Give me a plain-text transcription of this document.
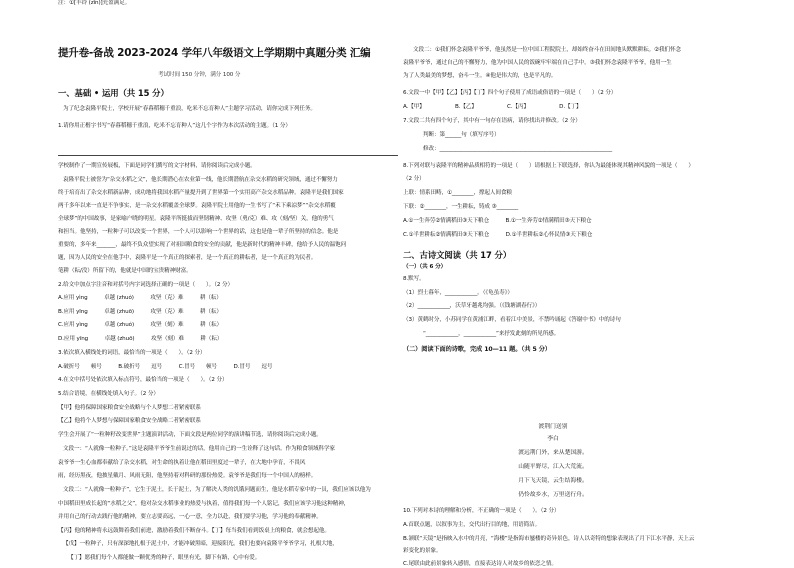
提升卷-备战 2023-2024 学年八年级语文上学期期中真题分类 汇编
考试时间 150 分钟，满分 100 分
一、基础 • 运用（共 15 分）
为了纪念袁隆平院士，学校开展“春暮稻穗千重浪，吃米不忘育种人”主题学习活动，请你完成下列任务。
1.请你用正楷字书写“春暮稻穗千重浪，吃米不忘育种人”这几个字作为本次活动的主题。（1 分）
学校制作了一期宣传展板，下面是同学们撰写的文字材料，请你阅读后完成小题。
袁隆平院士被誉为“杂交水稻之父”，他长期潜心在农业第一线，他长期潜航在杂交水稻的研究领域，通过不懈努力
终于培育出了杂交水稻新品种，成功地将我国水稻产量提升到了世界第一个实用高产杂交水稻品种。袁隆平是我们国家
两千多年以来一直是不争事实，是一杂交水稻覆盖全球梦。袁隆平院士用他的一生书写了“禾下乘凉梦”“杂交水稻覆
全球梦”的中国故事，是家喻户晓的明星。袁隆平所挺拔而坚韧精神、攻坚（勇/克）难、攻（刻/坚）关，他的勇气
和担当。他坚持，一粒种子可以改变一个世界，一个人可以影响一个世界的话，这也是他一辈子所坚持的信念。他是
重要的，多年来_______，最终不负众望实现了对祖国粮食的安全的贡献，他是新时代的精神丰碑，他给予人民的温饱问
题，因为人民的安全在他手中，袁隆平是一个真正的探索者，是一个真正的耕耘者，是一个真正的为民者。
笔耕（耘/没）所留下的，他就是中国的宝贵精神财富。
2.给文中加点字注音和对括号内字词选择正确的一项是（　　）。（2 分）
A.应用 yìnɡ　　　卓越 (zhuó)　　　攻坚（克）难　　　耕（耘）
B.应用 yīnɡ　　　卓越 (zhuō)　　　攻坚（克）难　　　耕（耘）
C.应用 yìnɡ　　　卓越 (zhuó)　　　攻坚（刻）难　　　耕（耘）
D.应用 yīnɡ　　　卓越 (zhuō)　　　攻坚（刻）难　　　耕（耘）
3.依次填入横线处的词语，最恰当的一项是（　　）。（2 分）
A.破折号　　顿号　　　B.破折号　　逗号　　　C.冒号　　顿号　　　D.冒号　　逗号
4.在文中括号处依次填入标点符号，最恰当的一项是（　　）。（2 分）
5.结合语境，在横线处填入句子。（2 分）
【甲】他将保障国家粮食安全战略与个人梦想二者紧密联系
【乙】他将个人梦想与保障国家粮食安全战略二者紧密联系
学生会开展了“一粒种籽改变世界”主题演讲活动，下面文段是两位同学的演讲稿节选，请你阅读后完成小题。
文段一：“人就像一粒种子。”这是袁隆平爷爷生前说过的话，他用自己的一生诠释了这句话。作为粮食领域科学家
袁爷爷一生心血都奉献给了杂交水稻，对生命的执着让他在稻田里度过一辈子，在大地中孕育，不畏风
雨，经历黑夜，他披星戴月、风雨无阻，他坚持着对科研的那份热爱。袁爷爷是我们每一个中国人的榜样。
文段二：“人就像一粒种子”，它生于泥土，长于泥土，为了解决人类的饥饿问题而生，他是水稻专家中的一员，我们应该以他为
中国稻田里成长起的“水稻之父”，他对杂交水稻事业的热爱与执着，值得我们每一个人铭记，我们应该学习他这种精神，
并用自己的行动去践行他的精神，要立志要高远，一心一意，全力以赴，我们要学习他，学习他的奉献精神。
【丙】他的精神将永远鼓舞着我们前进，激励着我们不断奋斗。【丁】每当我们看到饭桌上的粮食，就会想起他。
【戊】一粒种子，只有深深地扎根于泥土中，才能冲破黑暗，迎接阳光。我们也要向袁隆平爷爷学习，扎根大地，
【丁】愿我们每个人都能做一颗优秀的种子，眼里有光，脚下有路，心中有爱。
注：①[丰铃 (zīn)]充盈满足。
文段二：①我们怀念袁隆平爷爷，他虽然是一位中国工程院院士，却始终奋斗在田间地头默默耕耘。②我们怀念
袁隆平爷爷，通过自己的不懈努力，他为中国人民的饭碗牢牢端在自己手中。③我们怀念袁隆平爷爷，他用一生
为了人类最美的梦想，奋斗一生。④他是伟大的，也是平凡的。
6.文段一中【甲】【乙】【丙】【丁】四个句子使用了成语或俗语的一项是（　　）（2 分）
A.【甲】　　　　　　B.【乙】　　　　　　C.【丙】　　　　　　D.【丁】
7.文段二共有四个句子，其中有一句存在语病，请你找出并修改。（2 分）
判断：第______句（填写序号）
修改：________________________________________________________________
8.下列对联与袁隆平的精神品质相符的一项是（　　）请根据上下联选择，你认为最能体现其精神风貌的一项是（　　）
（2 分）
上联：情系田畴，①________，撑起人间食粮
下联：②________，一生耕耘，铸成 ③________
A.①一生奔劳②情满稻田③天下粮仓　　　B.①一生奔劳②情满稻田③天下粮仓
C.①半世耕耘②情满稻田③天下粮仓　　　D.①半世耕耘②心怀民情③天下粮仓
二、古诗文阅读（共 17 分）
（一）（共 6 分）
8.默写。
（1）烈士暮年，____________。（《龟虽寿》）
（2）____________，沃草牙越兆均强。（《钱塘湖春行》）
（3）黄鹤时分，小苏同学在黄浦江畔，看着江中美景，不禁吟诵起《答谢中书》中的诗句
“____________，____________”来抒发此刻的所见所感。
（二）阅读下面的诗歌，完成 10—11 题。（共 5 分）
渡荆门送别
李白
渡远荆门外，来从楚国游。
山随平野尽，江入大荒流。
月下飞天镜，云生结海楼。
仍怜故乡水，万里送行舟。
10.下列对本诗的理解和分析，不正确的一项是（　　）。（2 分）
A.首联点题，以叙事为主，交代出行目的地，用语简洁。
B.颔联“天镜”是指映入水中的月亮，“海楼”是指海市蜃楼的奇异景色，诗人以奇特的想象表现出了月下江水平静，天上云
彩变化的景象。
C.尾联由此前景象转入感情，直接表达诗人对故乡的依恋之情。
